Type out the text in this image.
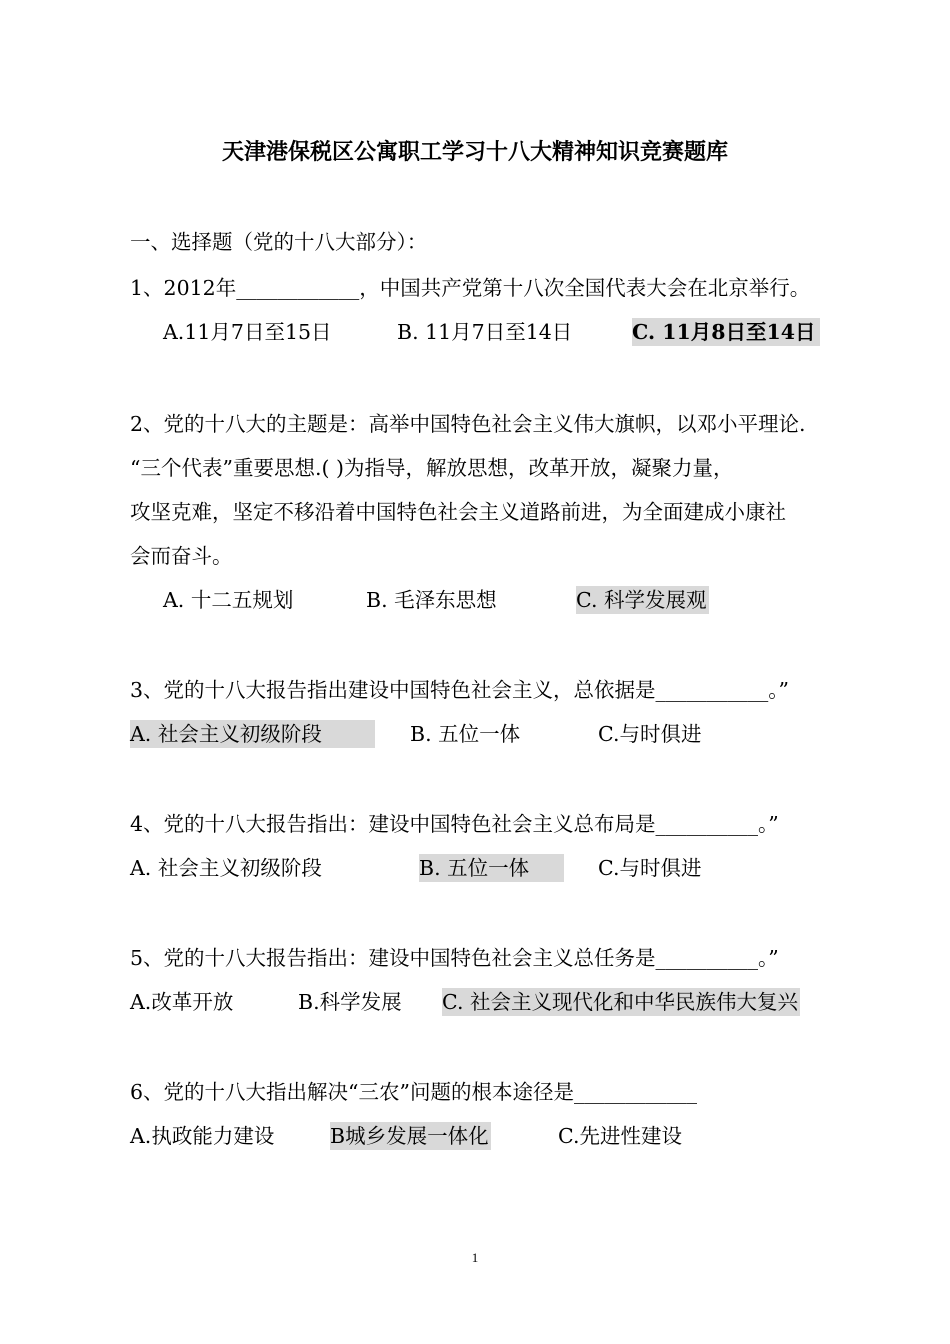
天津港保税区公寓职工学习十八大精神知识竞赛题库
一、选择题（党的十八大部分）：
1、2012年____________，中国共产党第十八次全国代表大会在北京举行。
A.11月7日至15日	B. 11月7日至14日	C. 11月8日至14日
2、党的十八大的主题是：高举中国特色社会主义伟大旗帜，以邓小平理论.
“三个代表”重要思想.( )为指导，解放思想，改革开放，凝聚力量，
攻坚克难，坚定不移沿着中国特色社会主义道路前进，为全面建成小康社
会而奋斗。
A. 十二五规划	B. 毛泽东思想	C. 科学发展观
3、党的十八大报告指出建设中国特色社会主义，总依据是___________。”
A. 社会主义初级阶段	B. 五位一体	C.与时俱进
4、党的十八大报告指出：建设中国特色社会主义总布局是__________。”
A. 社会主义初级阶段	B. 五位一体	C.与时俱进
5、党的十八大报告指出：建设中国特色社会主义总任务是__________。”
A.改革开放	B.科学发展 C. 社会主义现代化和中华民族伟大复兴
6、党的十八大指出解决“三农”问题的根本途径是____________
A.执政能力建设	B城乡发展一体化	C.先进性建设
1
